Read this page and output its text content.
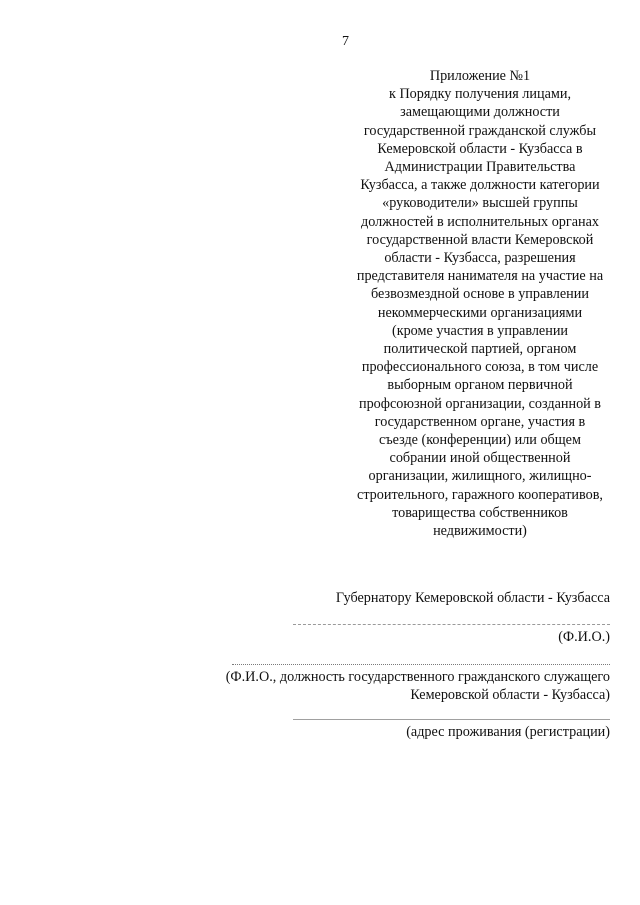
7
Приложение №1
к Порядку получения лицами,
замещающими должности
государственной гражданской службы
Кемеровской области - Кузбасса в
Администрации Правительства
Кузбасса, а также должности категории
«руководители» высшей группы
должностей в исполнительных органах
государственной власти Кемеровской
области - Кузбасса, разрешения
представителя нанимателя на участие на
безвозмездной основе в управлении
некоммерческими организациями
(кроме участия в управлении
политической партией, органом
профессионального союза, в том числе
выборным органом первичной
профсоюзной организации, созданной в
государственном органе, участия в
съезде (конференции) или общем
собрании иной общественной
организации, жилищного, жилищно-
строительного, гаражного кооперативов,
товарищества собственников
недвижимости)
Губернатору Кемеровской области - Кузбасса
(Ф.И.О.)
(Ф.И.О., должность государственного гражданского служащего
Кемеровской области - Кузбасса)
(адрес проживания (регистрации)
